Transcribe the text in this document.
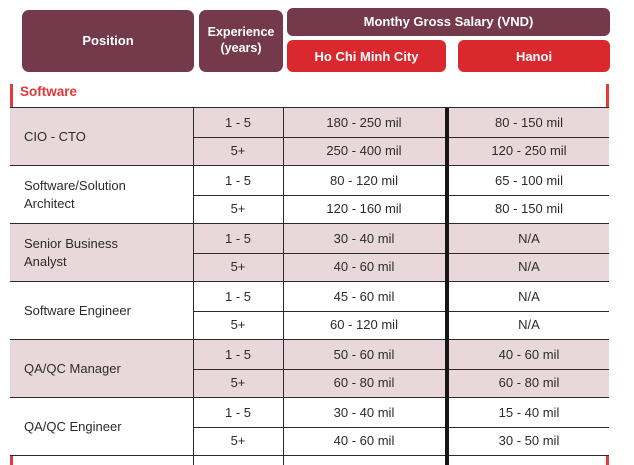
Position
Experience (years)
Monthy Gross Salary (VND)
Ho Chi Minh City	Hanoi
Software
CIO - CTO
1 - 5	180 - 250 mil	80 - 150 mil
5+	250 - 400 mil	120 - 250 mil
Software/Solution Architect
1 - 5	80 - 120 mil	65 - 100 mil
5+	120 - 160 mil	80 - 150 mil
Senior Business Analyst
1 - 5	30 - 40 mil	N/A
5+	40 - 60 mil	N/A
Software Engineer
1 - 5	45 - 60 mil	N/A
5+	60 - 120 mil	N/A
QA/QC Manager
1 - 5	50 - 60 mil	40 - 60 mil
5+	60 - 80 mil	60 - 80 mil
QA/QC Engineer
1 - 5	30 - 40 mil	15 - 40 mil
5+	40 - 60 mil	30 - 50 mil
